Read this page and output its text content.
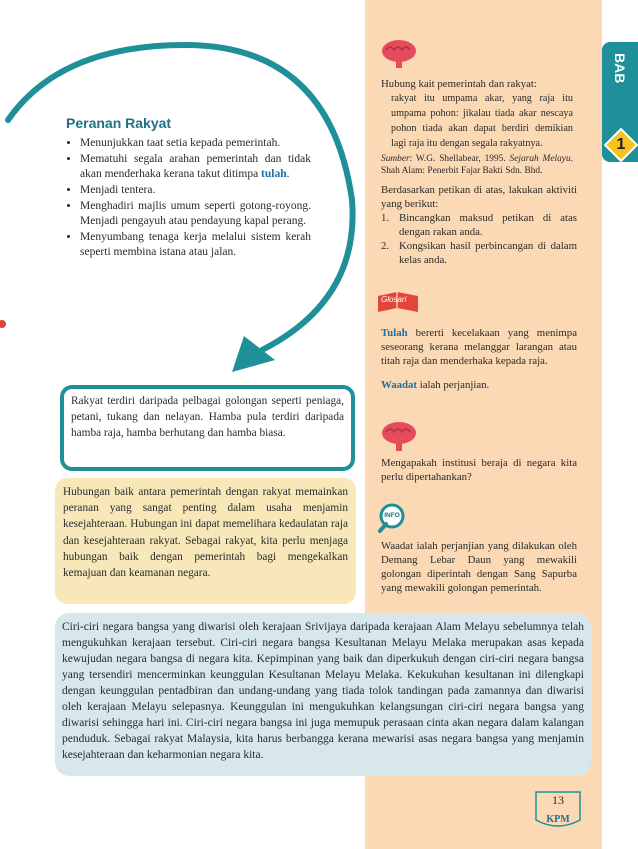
BAB
1
Peranan Rakyat
• Menunjukkan taat setia kepada pemerintah.
• Mematuhi segala arahan pemerintah dan tidak akan menderhaka kerana takut ditimpa tulah.
• Menjadi tentera.
• Menghadiri majlis umum seperti gotong-royong. Menjadi pengayuh atau pendayung kapal perang.
• Menyumbang tenaga kerja melalui sistem kerah seperti membina istana atau jalan.
Rakyat terdiri daripada pelbagai golongan seperti peniaga, petani, tukang dan nelayan. Hamba pula terdiri daripada hamba raja, hamba berhutang dan hamba biasa.
Hubungan baik antara pemerintah dengan rakyat memainkan peranan yang sangat penting dalam usaha menjamin kesejahteraan. Hubungan ini dapat memelihara kedaulatan raja dan kesejahteraan rakyat. Sebagai rakyat, kita perlu menjaga hubungan baik dengan pemerintah bagi mengekalkan kemajuan dan keamanan negara.
Ciri-ciri negara bangsa yang diwarisi oleh kerajaan Srivijaya daripada kerajaan Alam Melayu sebelumnya telah mengukuhkan kerajaan tersebut. Ciri-ciri negara bangsa Kesultanan Melayu Melaka merupakan asas kepada kewujudan negara bangsa di negara kita. Kepimpinan yang baik dan diperkukuh dengan ciri-ciri negara bangsa yang tersendiri mencerminkan keunggulan Kesultanan Melayu Melaka. Kekukuhan kesultanan ini dilengkapi dengan keunggulan pentadbiran dan undang-undang yang tiada tolok tandingan pada zamannya dan diwarisi oleh kerajaan Melayu selepasnya. Keunggulan ini mengukuhkan kelangsungan ciri-ciri negara bangsa yang diwarisi sehingga hari ini. Ciri-ciri negara bangsa ini juga memupuk perasaan cinta akan negara dalam kalangan penduduk. Sebagai rakyat Malaysia, kita harus berbangga kerana mewarisi asas negara bangsa yang menjamin kesejahteraan dan keharmonian negara kita.
Glosari
INFO

Hubung kait pemerintah dan rakyat:

rakyat itu umpama akar, yang raja itu umpama pohon: jikalau tiada akar nescaya pohon tiada akan dapat berdiri demikian lagi raja itu dengan segala rakyatnya.

Sumber: W.G. Shellabear, 1995. Sejarah Melayu. Shah Alam: Penerbit Fajar Bakti Sdn. Bhd.

Berdasarkan petikan di atas, lakukan aktiviti yang berikut:

1. Bincangkan maksud petikan di atas dengan rakan anda.

2. Kongsikan hasil perbincangan di dalam kelas anda.

Tulah bererti kecelakaan yang menimpa seseorang kerana melanggar larangan atau titah raja dan menderhaka kepada raja.

Waadat ialah perjanjian.

Mengapakah institusi beraja di negara kita perlu dipertahankan?
Waadat ialah perjanjian yang dilakukan oleh Demang Lebar Daun yang mewakili golongan diperintah dengan Sang Sapurba yang mewakili golongan pemerintah.
13
KPM
